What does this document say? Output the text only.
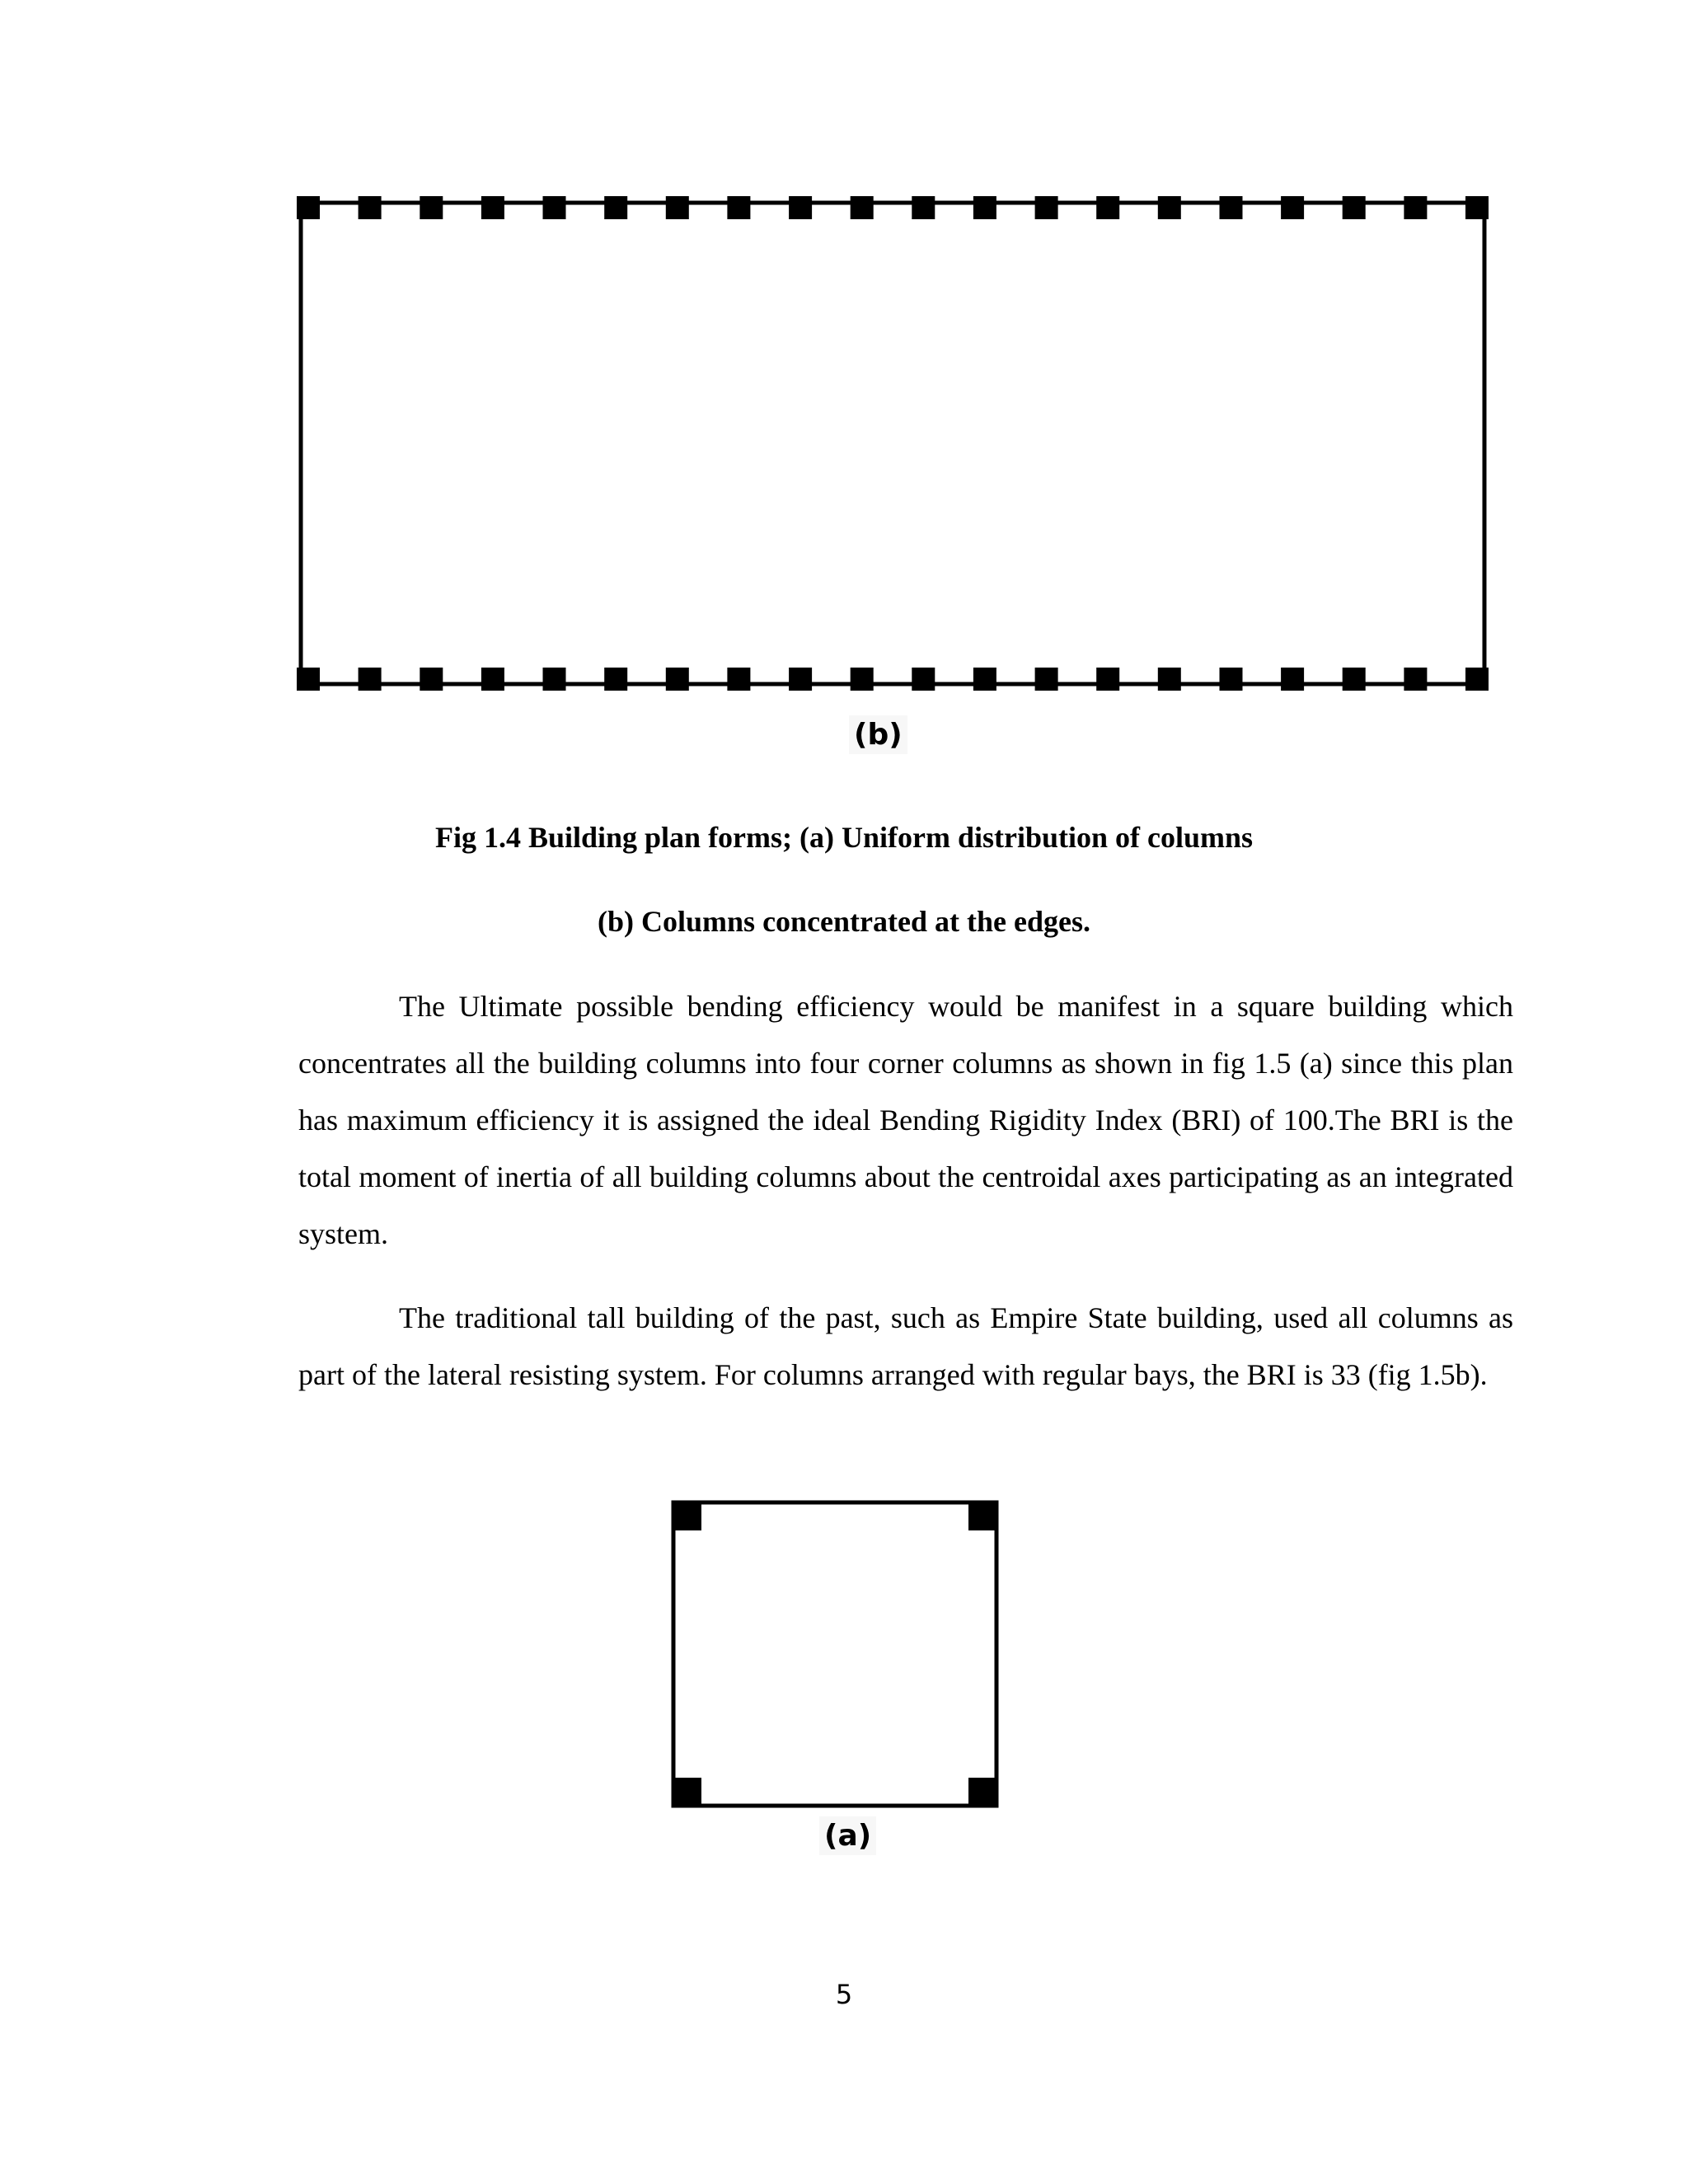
(b)
Fig 1.4 Building plan forms; (a) Uniform distribution of columns
(b) Columns concentrated at the edges.

The Ultimate possible bending efficiency would be manifest in a square building which concentrates all the building columns into four corner columns as shown in fig 1.5 (a) since this plan has maximum efficiency it is assigned the ideal Bending Rigidity Index (BRI) of 100.The BRI is the total moment of inertia of all building columns about the centroidal axes participating as an integrated system.

The traditional tall building of the past, such as Empire State building, used all columns as part of the lateral resisting system. For columns arranged with regular bays, the BRI is 33 (fig 1.5b).

(a)
5
